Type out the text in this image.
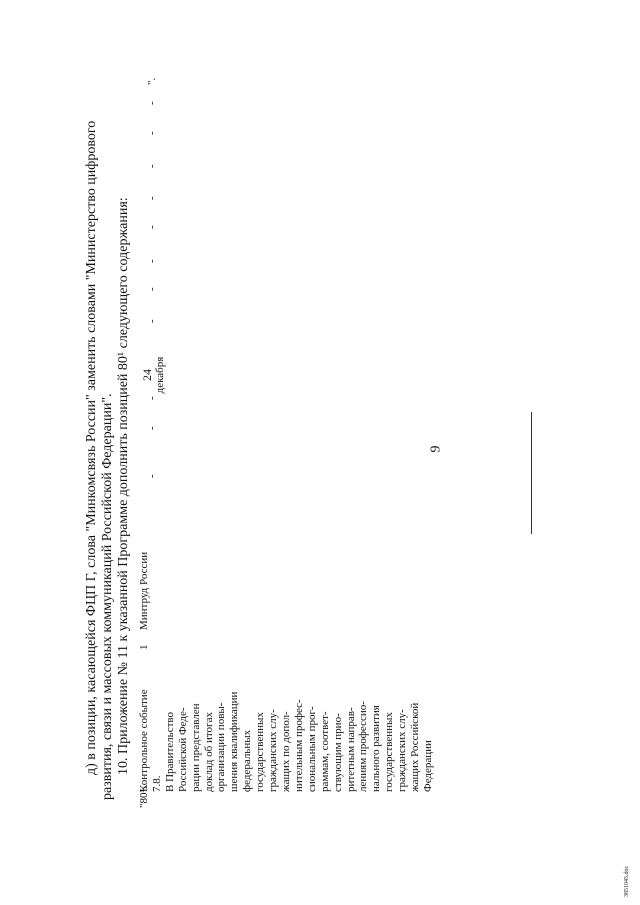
9
д) в позиции, касающейся ФЦП Г, слова "Минкомсвязь России" заменить словами "Министерство цифрового развития, связи и массовых коммуникаций Российской Федерации". 10. Приложение № 11 к указанной Программе дополнить позицией 80¹ следующего содержания:
"80¹.
Контрольное событие 7.8. В Правительство Российской Феде- рации представлен доклад об итогах организации повы- шения квалификации федеральных государственных гражданских слу- жащих по допол- нительным профес- сиональным прог- раммам, соответ- ствующим прио- ритетным направ- лениям профессио- нального развития государственных гражданских слу- жащих Российской Федерации
1
Минтруд России
-
-
-
24 декабря
-
-
-
-
-
-
-
-
".
3851045.doc
